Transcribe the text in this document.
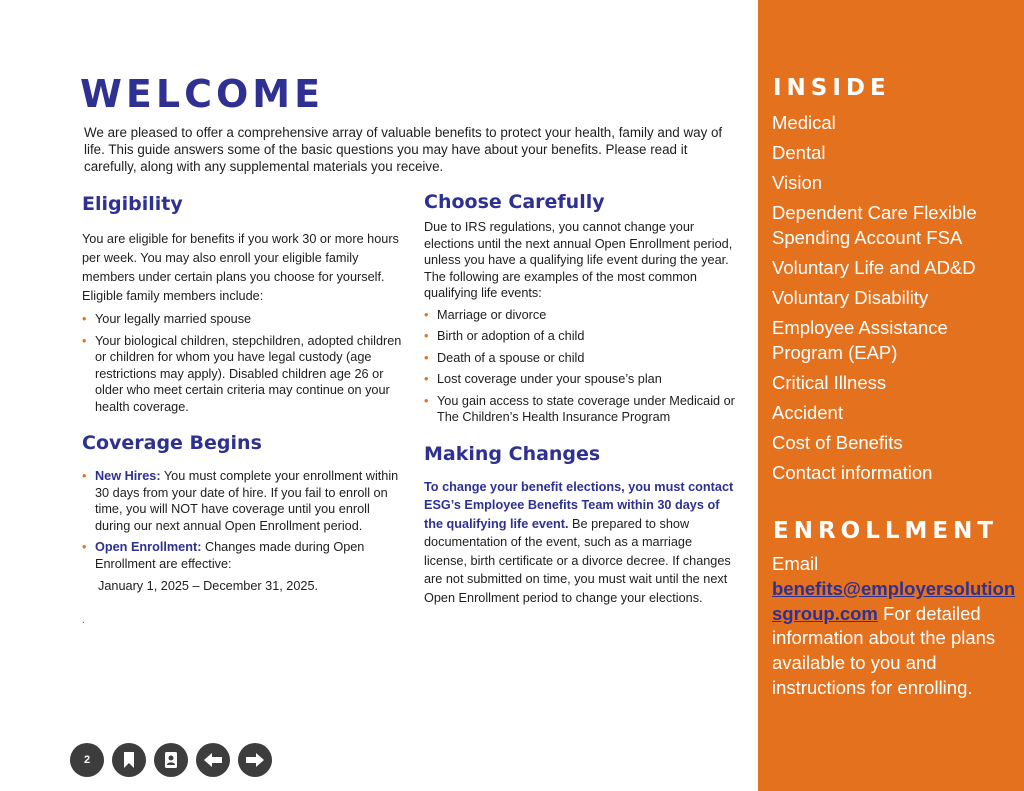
WELCOME

We are pleased to offer a comprehensive array of valuable benefits to protect your health, family and way of life. This guide answers some of the basic questions you may have about your benefits. Please read it carefully, along with any supplemental materials you receive.

Eligibility

You are eligible for benefits if you work 30 or more hours per week. You may also enroll your eligible family members under certain plans you choose for yourself. Eligible family members include:

• Your legally married spouse
• Your biological children, stepchildren, adopted children or children for whom you have legal custody (age restrictions may apply). Disabled children age 26 or older who meet certain criteria may continue on your health coverage.
Coverage Begins
• New Hires: You must complete your enrollment within 30 days from your date of hire. If you fail to enroll on time, you will NOT have coverage until you enroll during our next annual Open Enrollment period.
• Open Enrollment: Changes made during Open Enrollment are effective:

January 1, 2025 – December 31, 2025.

.

Choose Carefully

Due to IRS regulations, you cannot change your elections until the next annual Open Enrollment period, unless you have a qualifying life event during the year. The following are examples of the most common qualifying life events:

• Marriage or divorce
• Birth or adoption of a child
• Death of a spouse or child
• Lost coverage under your spouse’s plan
• You gain access to state coverage under Medicaid or The Children’s Health Insurance Program
Making Changes

To change your benefit elections, you must contact ESG’s Employee Benefits Team within 30 days of the qualifying life event. Be prepared to show documentation of the event, such as a marriage license, birth certificate or a divorce decree. If changes are not submitted on time, you must wait until the next Open Enrollment period to change your elections.

2
INSIDE
Medical
Dental
Vision
Dependent Care Flexible Spending Account FSA
Voluntary Life and AD&D
Voluntary Disability
Employee Assistance Program (EAP)
Critical Illness
Accident
Cost of Benefits
Contact information
ENROLLMENT

Email
benefits@employersolutionsgroup.com For detailed information about the plans available to you and instructions for enrolling.
